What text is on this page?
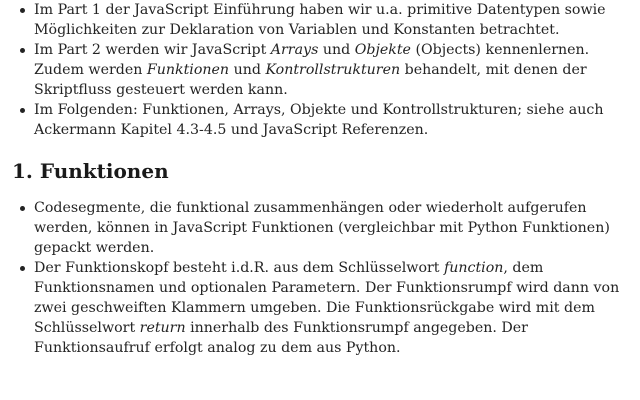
Im Part 1 der JavaScript Einführung haben wir u.a. primitive Datentypen sowie Möglichkeiten zur Deklaration von Variablen und Konstanten betrachtet.
Im Part 2 werden wir JavaScript Arrays und Objekte (Objects) kennenlernen. Zudem werden Funktionen und Kontrollstrukturen behandelt, mit denen der Skriptfluss gesteuert werden kann.
Im Folgenden: Funktionen, Arrays, Objekte und Kontrollstrukturen; siehe auch Ackermann Kapitel 4.3-4.5 und JavaScript Referenzen.
1. Funktionen
Codesegmente, die funktional zusammenhängen oder wiederholt aufgerufen werden, können in JavaScript Funktionen (vergleichbar mit Python Funktionen) gepackt werden.
Der Funktionskopf besteht i.d.R. aus dem Schlüsselwort function, dem Funktionsnamen und optionalen Parametern. Der Funktionsrumpf wird dann von zwei geschweiften Klammern umgeben. Die Funktionsrückgabe wird mit dem Schlüsselwort return innerhalb des Funktionsrumpf angegeben. Der Funktionsaufruf erfolgt analog zu dem aus Python.
